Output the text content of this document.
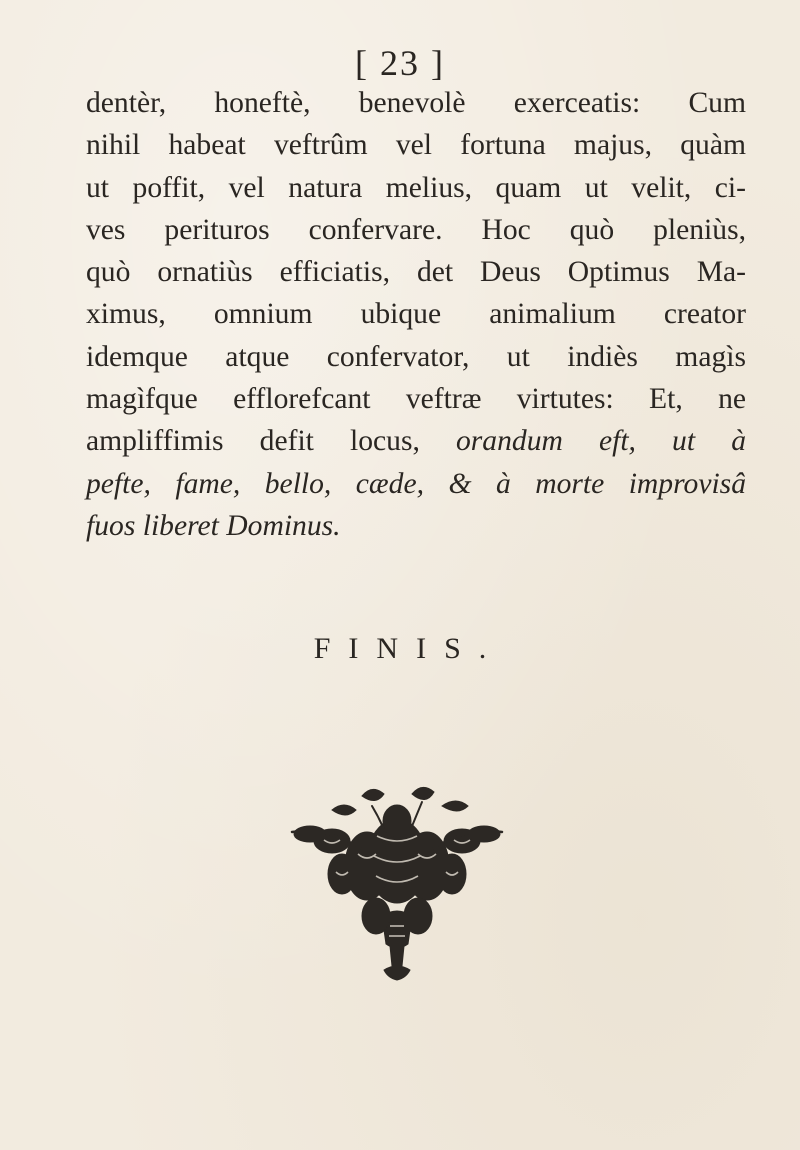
[ 23 ]
dentèr, honeftè, benevolè exerceatis: Cum
nihil habeat veftrûm vel fortuna majus, quàm
ut poffit, vel natura melius, quam ut velit, ci-
ves perituros confervare. Hoc quò pleniùs,
quò ornatiùs efficiatis, det Deus Optimus Ma-
ximus, omnium ubique animalium creator
idemque atque confervator, ut indiès magìs
magìfque efflorefcant veftræ virtutes: Et, ne
ampliffimis defit locus, orandum eft, ut à
pefte, fame, bello, cæde, & à morte improvisâ
fuos liberet Dominus.
FINIS.
